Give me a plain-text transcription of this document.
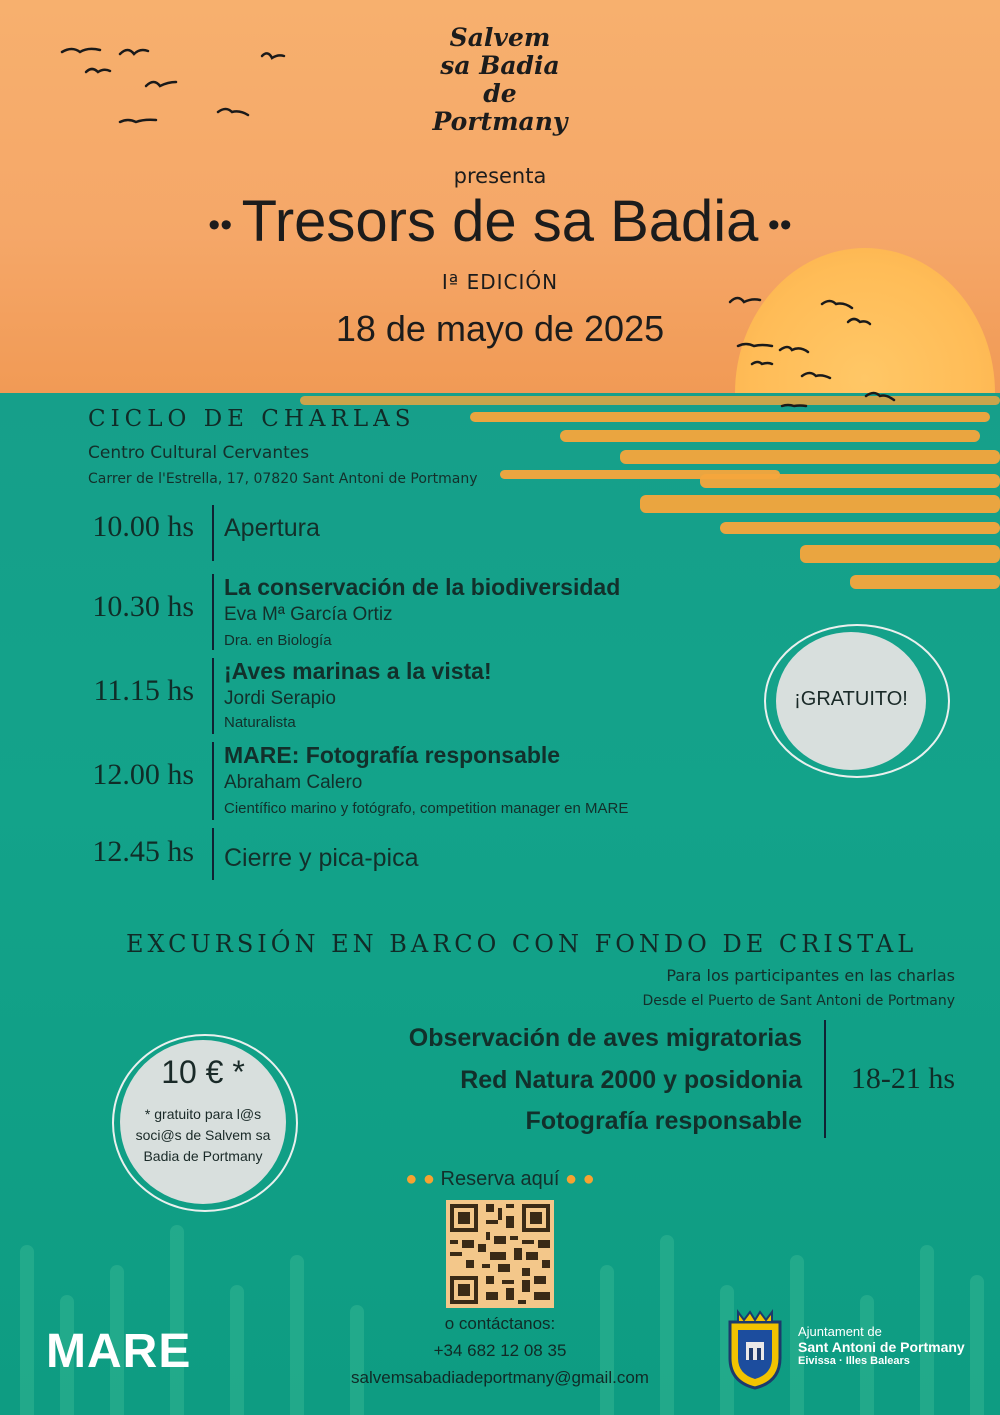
Salvem
sa Badia
de
Portmany
presenta
•• Tresors de sa Badia ••
Iª EDICIÓN
18 de mayo de 2025
CICLO DE CHARLAS
Centro Cultural Cervantes
Carrer de l'Estrella, 17, 07820 Sant Antoni de Portmany
10.00 hs Apertura
10.30 hs
La conservación de la biodiversidad
Eva Mª García Ortiz
Dra. en Biología
11.15 hs
¡Aves marinas a la vista!
Jordi Serapio
Naturalista
12.00 hs
MARE: Fotografía responsable
Abraham Calero
Científico marino y fotógrafo, competition manager en MARE
12.45 hs Cierre y pica-pica
¡GRATUITO!
EXCURSIÓN EN BARCO CON FONDO DE CRISTAL
Para los participantes en las charlas
Desde el Puerto de Sant Antoni de Portmany
Observación de aves migratorias
Red Natura 2000 y posidonia
Fotografía responsable
18-21 hs
10 € *
* gratuito para l@s soci@s de Salvem sa Badia de Portmany
● ● Reserva aquí ● ●
o contáctanos:
+34 682 12 08 35
salvemsabadiadeportmany@gmail.com
MARE	Ajuntament de
Sant Antoni de Portmany
Eivissa · Illes Balears
